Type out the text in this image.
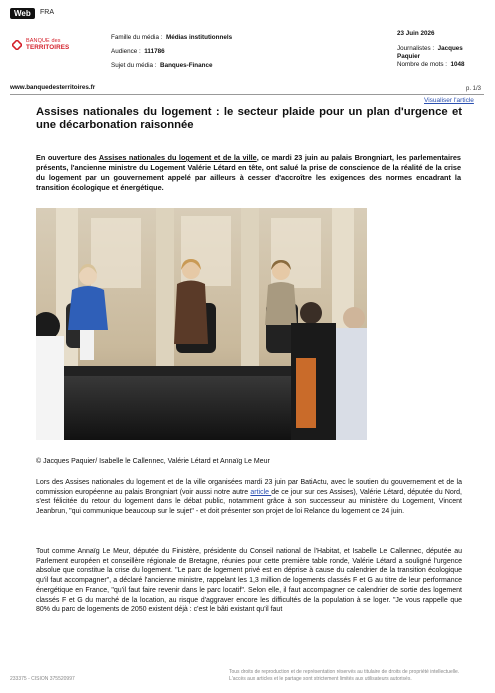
Web	FRA
BANQUE des
TERRITOIRES
Famille du média : Médias institutionnels
Audience : 111786
Sujet du média : Banques-Finance
23 Juin 2026
Journalistes : Jacques
Paquier
Nombre de mots : 1048
www.banquedesterritoires.fr	p. 1/3
Visualiser l'article
Assises nationales du logement : le secteur plaide pour un plan d'urgence et une décarbonation raisonnée
En ouverture des Assises nationales du logement et de la ville, ce mardi 23 juin au palais Brongniart, les parlementaires présents, l'ancienne ministre du Logement Valérie Létard en tête, ont salué la prise de conscience de la réalité de la crise du logement par un gouvernement appelé par ailleurs à cesser d'accroître les exigences des normes encadrant la transition écologique et énergétique.
© Jacques Paquier/ Isabelle le Callennec, Valérie Létard et Annaïg Le Meur
Lors des Assises nationales du logement et de la ville organisées mardi 23 juin par BatiActu, avec le soutien du gouvernement et de la commission européenne au palais Brongniart (voir aussi notre autre article de ce jour sur ces Assises), Valérie Létard, députée du Nord, s'est félicitée du retour du logement dans le débat public, notamment grâce à son successeur au ministère du Logement, Vincent Jeanbrun, "qui communique beaucoup sur le sujet" - et doit présenter son projet de loi Relance du logement ce 24 juin.
Tout comme Annaïg Le Meur, députée du Finistère, présidente du Conseil national de l'Habitat, et Isabelle Le Callennec, députée au Parlement européen et conseillère régionale de Bretagne, réunies pour cette première table ronde, Valérie Létard a souligné l'urgence absolue que constitue la crise du logement. "Le parc de logement privé est en déprise à cause du calendrier de la transition écologique qu'il faut accompagner", a déclaré l'ancienne ministre, rappelant les 1,3 million de logements classés F et G au titre de leur performance énergétique en France, "qu'il faut faire revenir dans le parc locatif". Selon elle, il faut accompagner ce calendrier de sortie des logement classés F et G du marché de la location, au risque d'aggraver encore les difficultés de la population à se loger. "Je vous rappelle que 80% du parc de logements de 2050 existent déjà : c'est le bâti existant qu'il faut
233375 - CISION 375520997
Tous droits de reproduction et de représentation réservés au titulaire de droits de propriété intellectuelle.
L'accès aux articles et le partage sont strictement limités aux utilisateurs autorisés.
